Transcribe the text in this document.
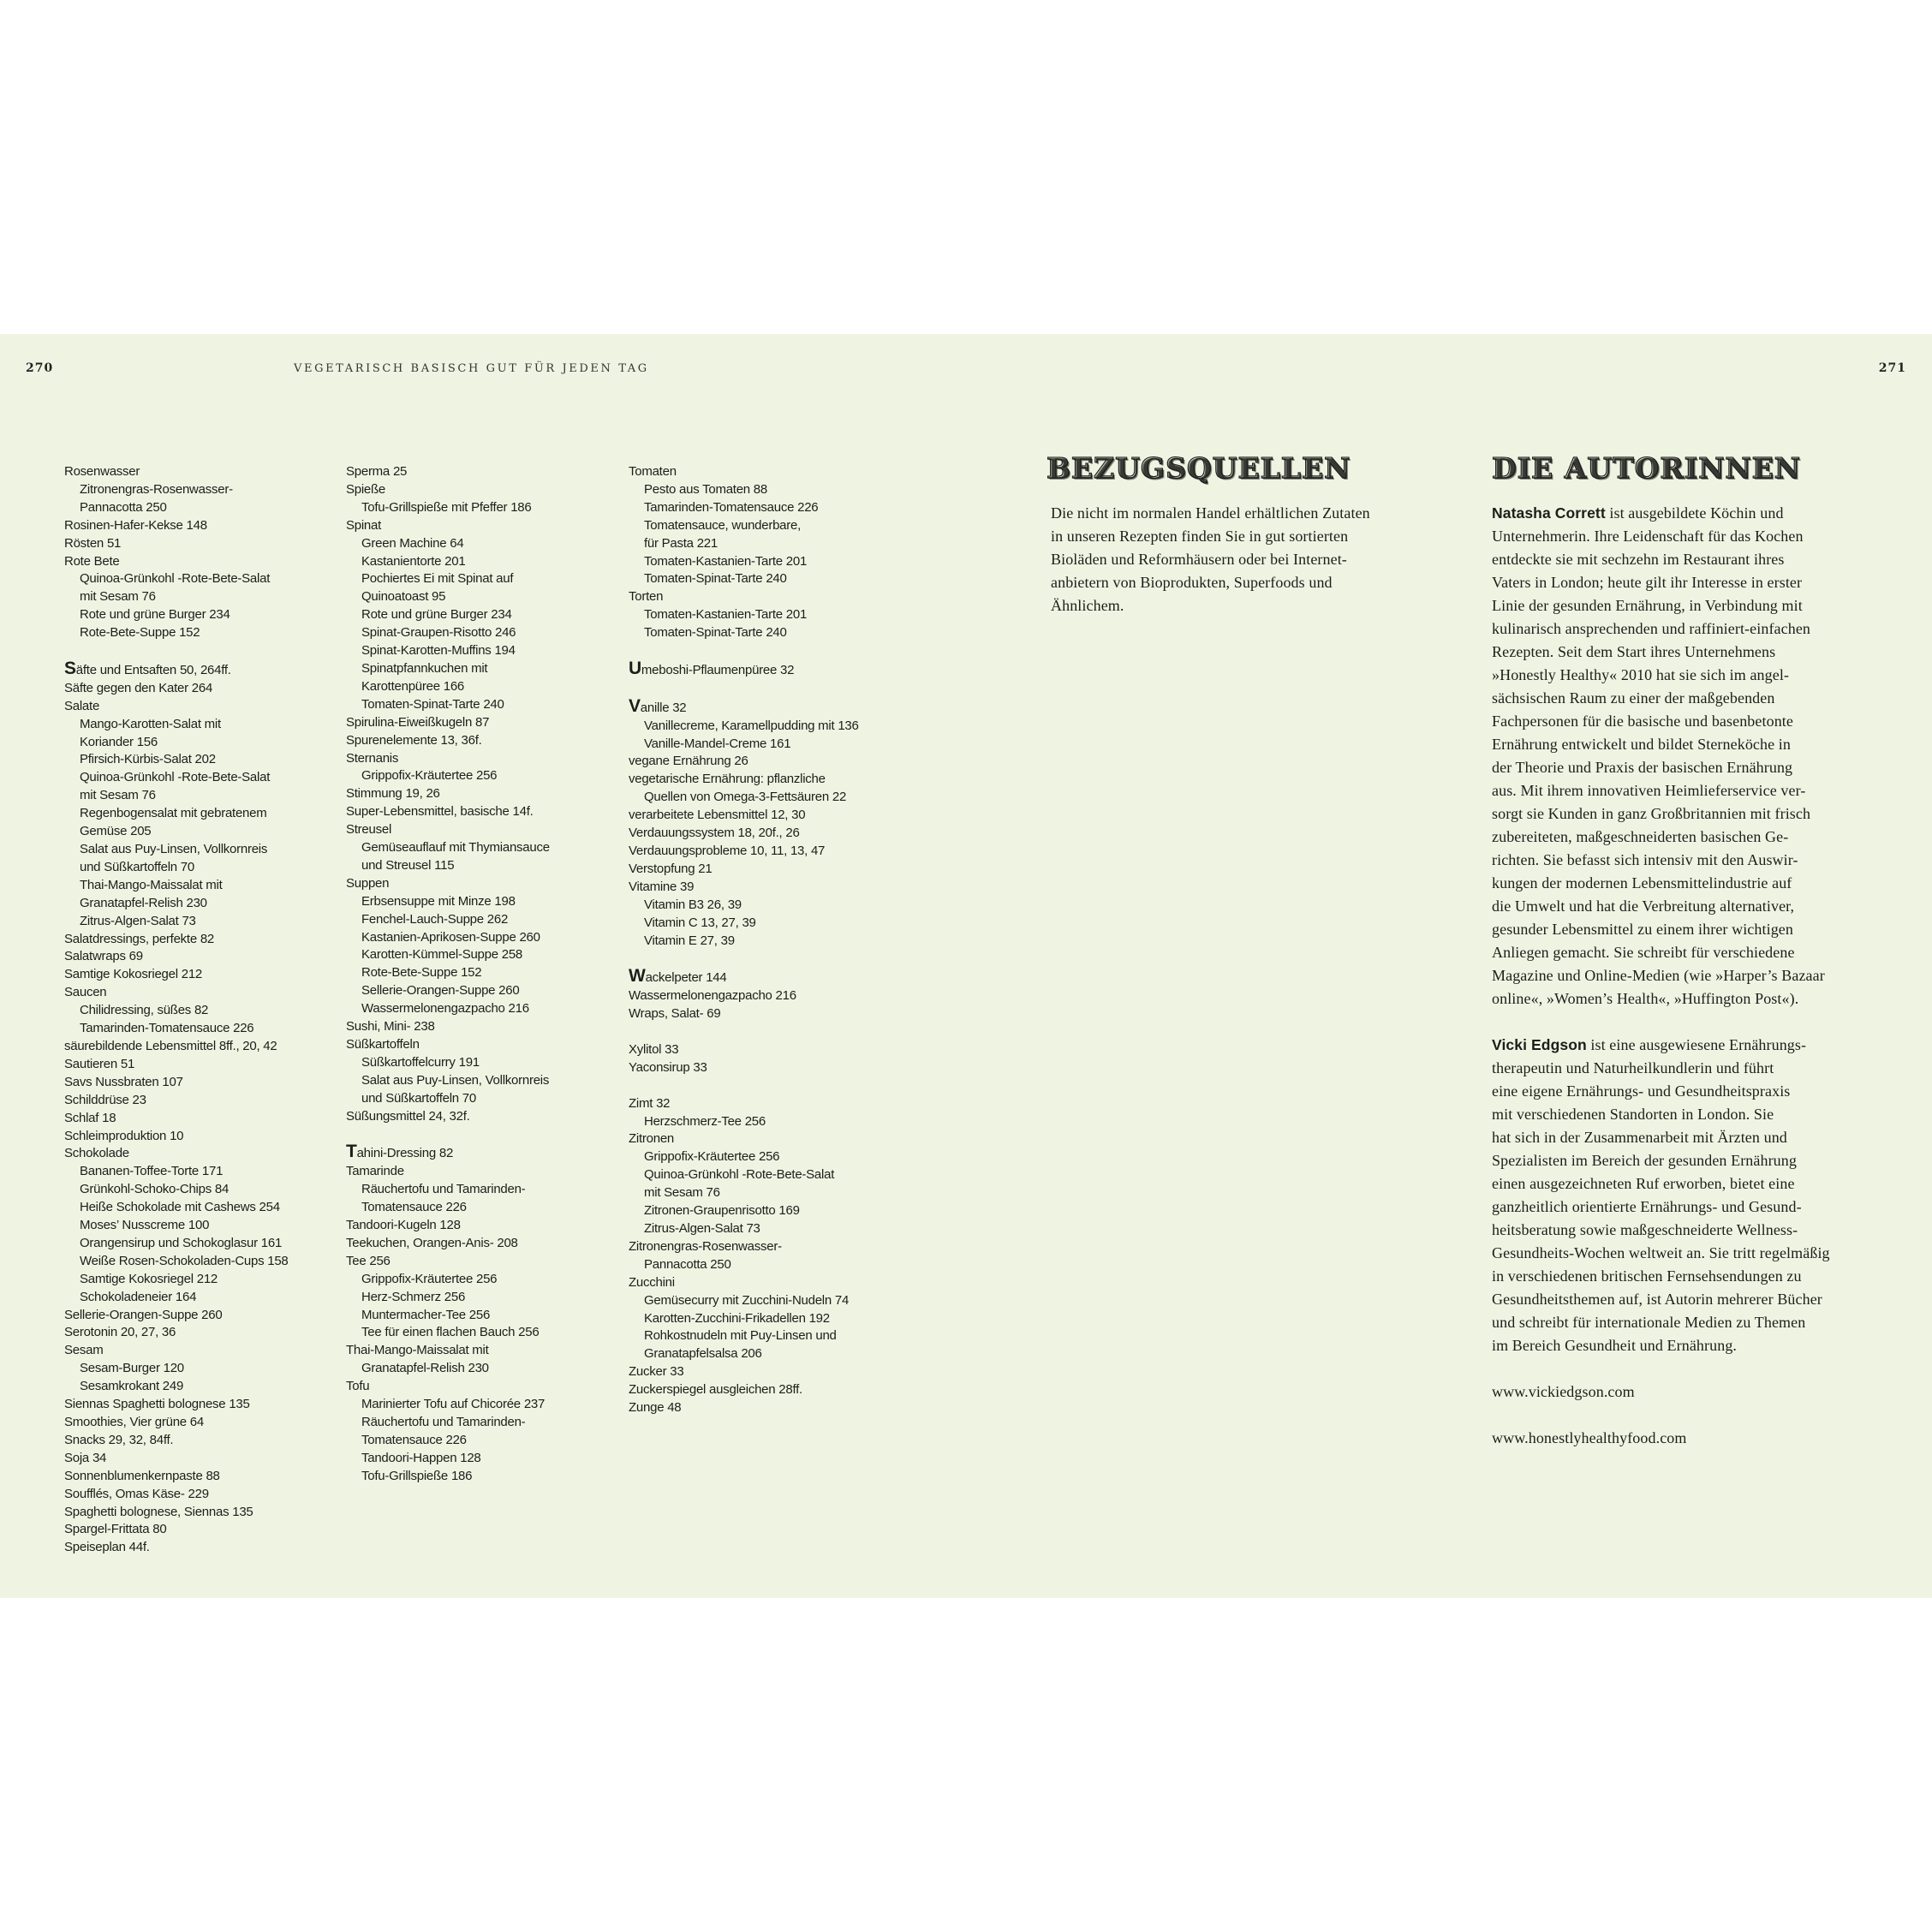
270	VEGETARISCH BASISCH GUT FÜR JEDEN TAG	271
Rosenwasser
Zitronengras-Rosenwasser-
Pannacotta 250
Rosinen-Hafer-Kekse 148
Rösten 51
Rote Bete
Quinoa-Grünkohl -Rote-Bete-Salat
mit Sesam 76
Rote und grüne Burger 234
Rote-Bete-Suppe 152
Säfte und Entsaften 50, 264ff.
Säfte gegen den Kater 264
Salate
Mango-Karotten-Salat mit
Koriander 156
Pfirsich-Kürbis-Salat 202
Quinoa-Grünkohl -Rote-Bete-Salat
mit Sesam 76
Regenbogensalat mit gebratenem
Gemüse 205
Salat aus Puy-Linsen, Vollkornreis
und Süßkartoffeln 70
Thai-Mango-Maissalat mit
Granatapfel-Relish 230
Zitrus-Algen-Salat 73
Salatdressings, perfekte 82
Salatwraps 69
Samtige Kokosriegel 212
Saucen
Chilidressing, süßes 82
Tamarinden-Tomatensauce 226
säurebildende Lebensmittel 8ff., 20, 42
Sautieren 51
Savs Nussbraten 107
Schilddrüse 23
Schlaf 18
Schleimproduktion 10
Schokolade
Bananen-Toffee-Torte 171
Grünkohl-Schoko-Chips 84
Heiße Schokolade mit Cashews 254
Moses’ Nusscreme 100
Orangensirup und Schokoglasur 161
Weiße Rosen-Schokoladen-Cups 158
Samtige Kokosriegel 212
Schokoladeneier 164
Sellerie-Orangen-Suppe 260
Serotonin 20, 27, 36
Sesam
Sesam-Burger 120
Sesamkrokant 249
Siennas Spaghetti bolognese 135
Smoothies, Vier grüne 64
Snacks 29, 32, 84ff.
Soja 34
Sonnenblumenkernpaste 88
Soufflés, Omas Käse- 229
Spaghetti bolognese, Siennas 135
Spargel-Frittata 80
Speiseplan 44f.
Sperma 25
Spieße
Tofu-Grillspieße mit Pfeffer 186
Spinat
Green Machine 64
Kastanientorte 201
Pochiertes Ei mit Spinat auf
Quinoatoast 95
Rote und grüne Burger 234
Spinat-Graupen-Risotto 246
Spinat-Karotten-Muffins 194
Spinatpfannkuchen mit
Karottenpüree 166
Tomaten-Spinat-Tarte 240
Spirulina-Eiweißkugeln 87
Spurenelemente 13, 36f.
Sternanis
Grippofix-Kräutertee 256
Stimmung 19, 26
Super-Lebensmittel, basische 14f.
Streusel
Gemüseauflauf mit Thymiansauce
und Streusel 115
Suppen
Erbsensuppe mit Minze 198
Fenchel-Lauch-Suppe 262
Kastanien-Aprikosen-Suppe 260
Karotten-Kümmel-Suppe 258
Rote-Bete-Suppe 152
Sellerie-Orangen-Suppe 260
Wassermelonengazpacho 216
Sushi, Mini- 238
Süßkartoffeln
Süßkartoffelcurry 191
Salat aus Puy-Linsen, Vollkornreis
und Süßkartoffeln 70
Süßungsmittel 24, 32f.
Tahini-Dressing 82
Tamarinde
Räuchertofu und Tamarinden-
Tomatensauce 226
Tandoori-Kugeln 128
Teekuchen, Orangen-Anis- 208
Tee 256
Grippofix-Kräutertee 256
Herz-Schmerz 256
Muntermacher-Tee 256
Tee für einen flachen Bauch 256
Thai-Mango-Maissalat mit
Granatapfel-Relish 230
Tofu
Marinierter Tofu auf Chicorée 237
Räuchertofu und Tamarinden-
Tomatensauce 226
Tandoori-Happen 128
Tofu-Grillspieße 186
Tomaten
Pesto aus Tomaten 88
Tamarinden-Tomatensauce 226
Tomatensauce, wunderbare,
für Pasta 221
Tomaten-Kastanien-Tarte 201
Tomaten-Spinat-Tarte 240
Torten
Tomaten-Kastanien-Tarte 201
Tomaten-Spinat-Tarte 240
Umeboshi-Pflaumenpüree 32
Vanille 32
Vanillecreme, Karamellpudding mit 136
Vanille-Mandel-Creme 161
vegane Ernährung 26
vegetarische Ernährung: pflanzliche
Quellen von Omega-3-Fettsäuren 22
verarbeitete Lebensmittel 12, 30
Verdauungssystem 18, 20f., 26
Verdauungsprobleme 10, 11, 13, 47
Verstopfung 21
Vitamine 39
Vitamin B3 26, 39
Vitamin C 13, 27, 39
Vitamin E 27, 39
Wackelpeter 144
Wassermelonengazpacho 216
Wraps, Salat- 69
Xylitol 33
Yaconsirup 33
Zimt 32
Herzschmerz-Tee 256
Zitronen
Grippofix-Kräutertee 256
Quinoa-Grünkohl -Rote-Bete-Salat
mit Sesam 76
Zitronen-Graupenrisotto 169
Zitrus-Algen-Salat 73
Zitronengras-Rosenwasser-
Pannacotta 250
Zucchini
Gemüsecurry mit Zucchini-Nudeln 74
Karotten-Zucchini-Frikadellen 192
Rohkostnudeln mit Puy-Linsen und
Granatapfelsalsa 206
Zucker 33
Zuckerspiegel ausgleichen 28ff.
Zunge 48
BEZUGSQUELLEN

Die nicht im normalen Handel erhältlichen Zutaten

in unseren Rezepten finden Sie in gut sortierten

Bioläden und Reformhäusern oder bei Internet-

anbietern von Bioprodukten, Superfoods und

Ähnlichem.

DIE AUTORINNEN

Natasha Corrett ist ausgebildete Köchin und

Unternehmerin. Ihre Leidenschaft für das Kochen

entdeckte sie mit sechzehn im Restaurant ihres

Vaters in London; heute gilt ihr Interesse in erster

Linie der gesunden Ernährung, in Verbindung mit

kulinarisch ansprechenden und raffiniert-einfachen

Rezepten. Seit dem Start ihres Unternehmens

»Honestly Healthy« 2010 hat sie sich im angel-

sächsischen Raum zu einer der maßgebenden

Fachpersonen für die basische und basenbetonte

Ernährung entwickelt und bildet Sterneköche in

der Theorie und Praxis der basischen Ernährung

aus. Mit ihrem innovativen Heimlieferservice ver-

sorgt sie Kunden in ganz Großbritannien mit frisch

zubereiteten, maßgeschneiderten basischen Ge-

richten. Sie befasst sich intensiv mit den Auswir-

kungen der modernen Lebensmittelindustrie auf

die Umwelt und hat die Verbreitung alternativer,

gesunder Lebensmittel zu einem ihrer wichtigen

Anliegen gemacht. Sie schreibt für verschiedene

Magazine und Online-Medien (wie »Harper’s Bazaar

online«, »Women’s Health«, »Huffington Post«).

Vicki Edgson ist eine ausgewiesene Ernährungs-

therapeutin und Naturheilkundlerin und führt

eine eigene Ernährungs- und Gesundheitspraxis

mit verschiedenen Standorten in London. Sie

hat sich in der Zusammenarbeit mit Ärzten und

Spezialisten im Bereich der gesunden Ernährung

einen ausgezeichneten Ruf erworben, bietet eine

ganzheitlich orientierte Ernährungs- und Gesund-

heitsberatung sowie maßgeschneiderte Wellness-

Gesundheits-Wochen weltweit an. Sie tritt regelmäßig

in verschiedenen britischen Fernsehsendungen zu

Gesundheitsthemen auf, ist Autorin mehrerer Bücher

und schreibt für internationale Medien zu Themen

im Bereich Gesundheit und Ernährung.

www.vickiedgson.com

www.honestlyhealthyfood.com
